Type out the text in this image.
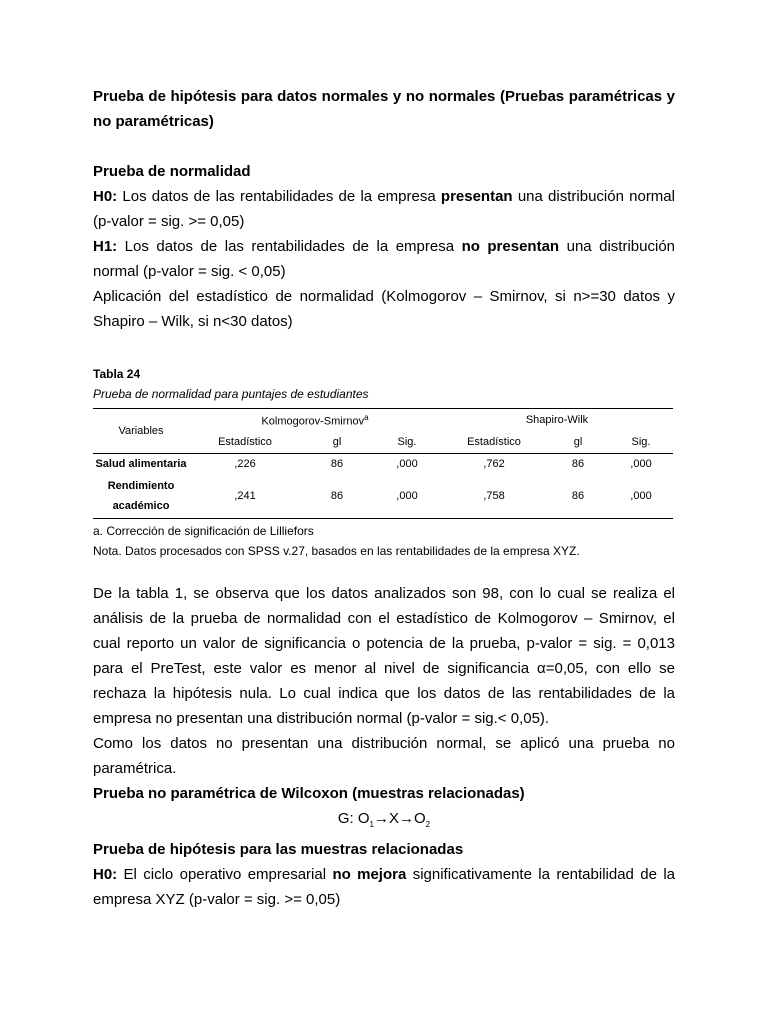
Prueba de hipótesis para datos normales y no normales (Pruebas paramétricas y no paramétricas)

Prueba de normalidad

H0: Los datos de las rentabilidades de la empresa presentan una distribución normal (p-valor = sig. >= 0,05)

H1: Los datos de las rentabilidades de la empresa no presentan una distribución normal (p-valor = sig. < 0,05)

Aplicación del estadístico de normalidad (Kolmogorov – Smirnov, si n>=30 datos y Shapiro – Wilk, si n<30 datos)

Tabla 24

Prueba de normalidad para puntajes de estudiantes

Variables	Kolmogorov-Smirnov$^a$			Shapiro-Wilk		
	Estadístico	gl	Sig.	Estadístico	gl	Sig.
Salud alimentaria	,226	86	,000	,762	86	,000
Rendimiento
académico	,241	86	,000	,758	86	,000

a. Corrección de significación de Lilliefors

Nota. Datos procesados con SPSS v.27, basados en las rentabilidades de la empresa XYZ.

De la tabla 1, se observa que los datos analizados son 98, con lo cual se realiza el análisis de la prueba de normalidad con el estadístico de Kolmogorov – Smirnov, el cual reporto un valor de significancia o potencia de la prueba, p-valor = sig. = 0,013 para el PreTest, este valor es menor al nivel de significancia α=0,05, con ello se rechaza la hipótesis nula. Lo cual indica que los datos de las rentabilidades de la empresa no presentan una distribución normal (p-valor = sig.< 0,05).

Como los datos no presentan una distribución normal, se aplicó una prueba no paramétrica.

Prueba no paramétrica de Wilcoxon (muestras relacionadas)

G: $O_1\to X\to O_2$

Prueba de hipótesis para las muestras relacionadas

H0: El ciclo operativo empresarial no mejora significativamente la rentabilidad de la empresa XYZ (p-valor = sig. >= 0,05)
